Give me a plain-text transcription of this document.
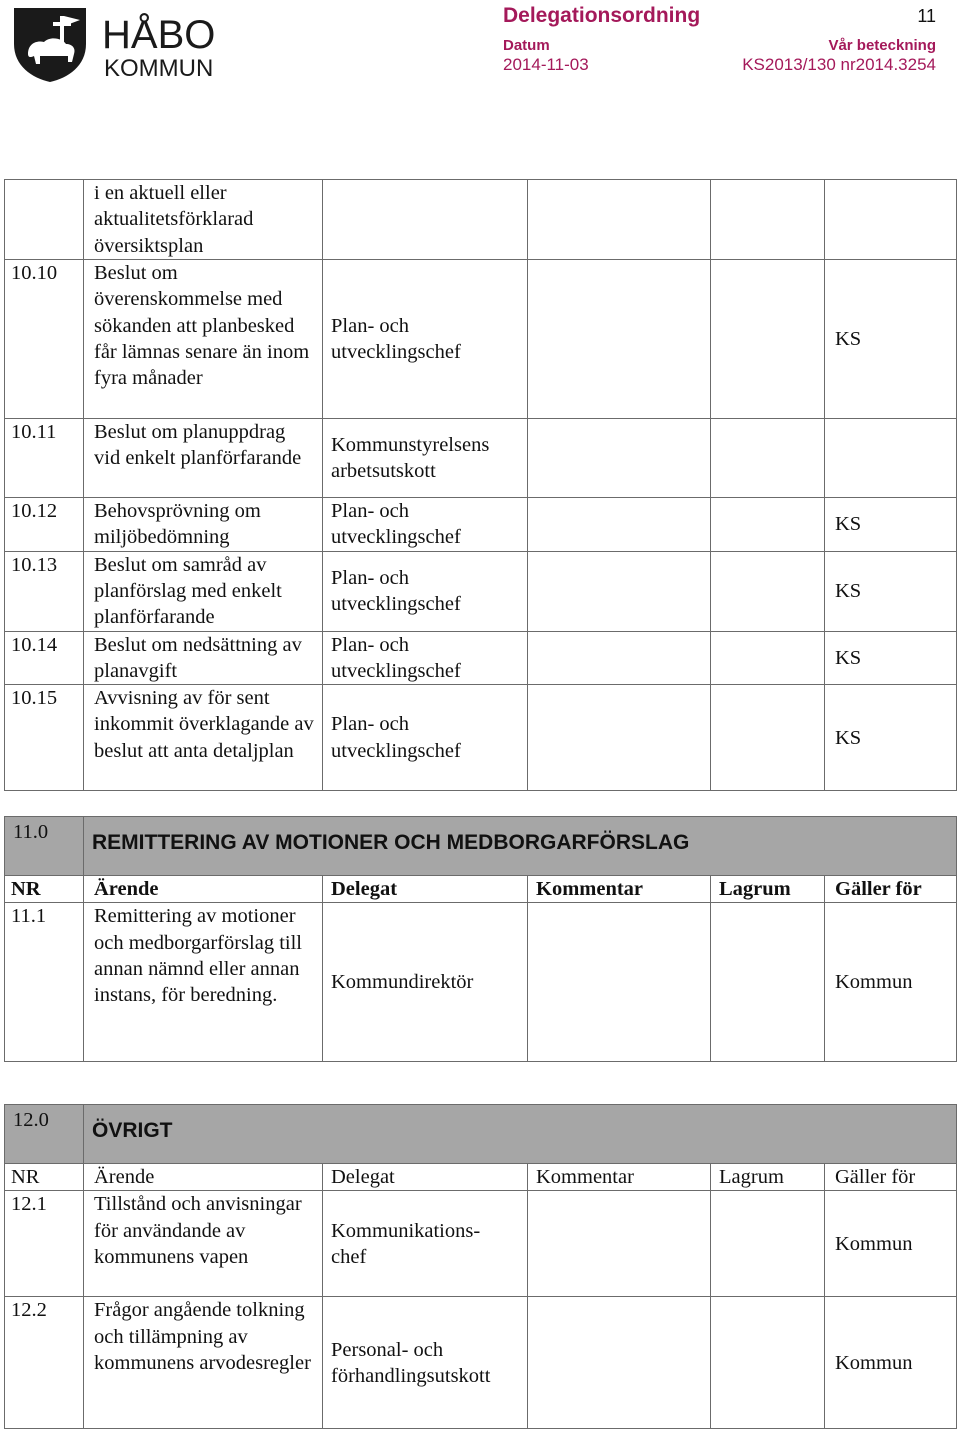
HÅBO
KOMMUN
Delegationsordning	11
Datum
2014-11-03
Vår beteckning
KS2013/130 nr2014.3254
	i en aktuell eller aktualitetsförklarad översiktsplan				
10.10	Beslut om överenskommelse med sökanden att planbesked får lämnas senare än inom fyra månader	Plan- och utvecklingschef			KS
10.11	Beslut om planuppdrag vid enkelt planförfarande	Kommunstyrelsens arbetsutskott			
10.12	Behovsprövning om miljöbedömning	Plan- och utvecklingschef			KS
10.13	Beslut om samråd av planförslag med enkelt planförfarande	Plan- och utvecklingschef			KS
10.14	Beslut om nedsättning av planavgift	Plan- och utvecklingschef			KS
10.15	Avvisning av för sent inkommit överklagande av beslut att anta detaljplan	Plan- och utvecklingschef			KS
11.0	REMITTERING AV MOTIONER OCH MEDBORGARFÖRSLAG				
NR	Ärende	Delegat	Kommentar	Lagrum	Gäller för
11.1	Remittering av motioner och medborgarförslag till annan nämnd eller annan instans, för beredning.	Kommundirektör			Kommun
12.0	ÖVRIGT				
NR	Ärende	Delegat	Kommentar	Lagrum	Gäller för
12.1	Tillstånd och anvisningar för användande av kommunens vapen	Kommunikations- chef			Kommun
12.2	Frågor angående tolkning och tillämpning av kommunens arvodesregler	Personal- och förhandlingsutskott			Kommun
